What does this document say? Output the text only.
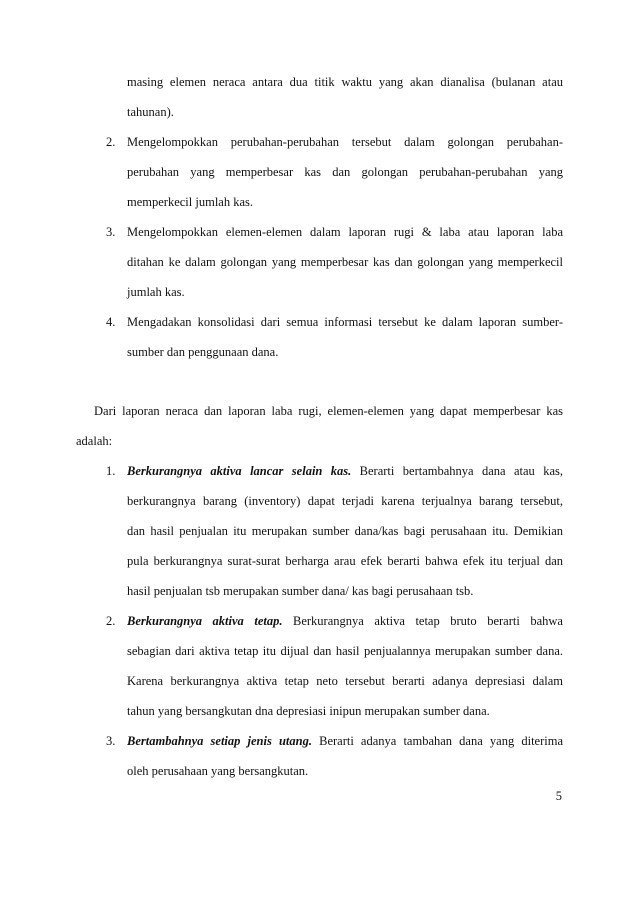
masing elemen neraca antara dua titik waktu yang akan dianalisa (bulanan atau

tahunan).

2. Mengelompokkan perubahan-perubahan tersebut dalam golongan perubahan-

perubahan yang memperbesar kas dan golongan perubahan-perubahan yang

memperkecil jumlah kas.

3. Mengelompokkan elemen-elemen dalam laporan rugi & laba atau laporan laba

ditahan ke dalam golongan yang memperbesar kas dan golongan yang memperkecil

jumlah kas.

4. Mengadakan konsolidasi dari semua informasi tersebut ke dalam laporan sumber-

sumber dan penggunaan dana.

Dari laporan neraca dan laporan laba rugi, elemen-elemen yang dapat memperbesar kas

adalah:

1. Berkurangnya aktiva lancar selain kas. Berarti bertambahnya dana atau kas,

berkurangnya barang (inventory) dapat terjadi karena terjualnya barang tersebut,

dan hasil penjualan itu merupakan sumber dana/kas bagi perusahaan itu. Demikian

pula berkurangnya surat-surat berharga arau efek berarti bahwa efek itu terjual dan

hasil penjualan tsb merupakan sumber dana/ kas bagi perusahaan tsb.

2. Berkurangnya aktiva tetap. Berkurangnya aktiva tetap bruto berarti bahwa

sebagian dari aktiva tetap itu dijual dan hasil penjualannya merupakan sumber dana.

Karena berkurangnya aktiva tetap neto tersebut berarti adanya depresiasi dalam

tahun yang bersangkutan dna depresiasi inipun merupakan sumber dana.

3. Bertambahnya setiap jenis utang. Berarti adanya tambahan dana yang diterima

oleh perusahaan yang bersangkutan.

5
